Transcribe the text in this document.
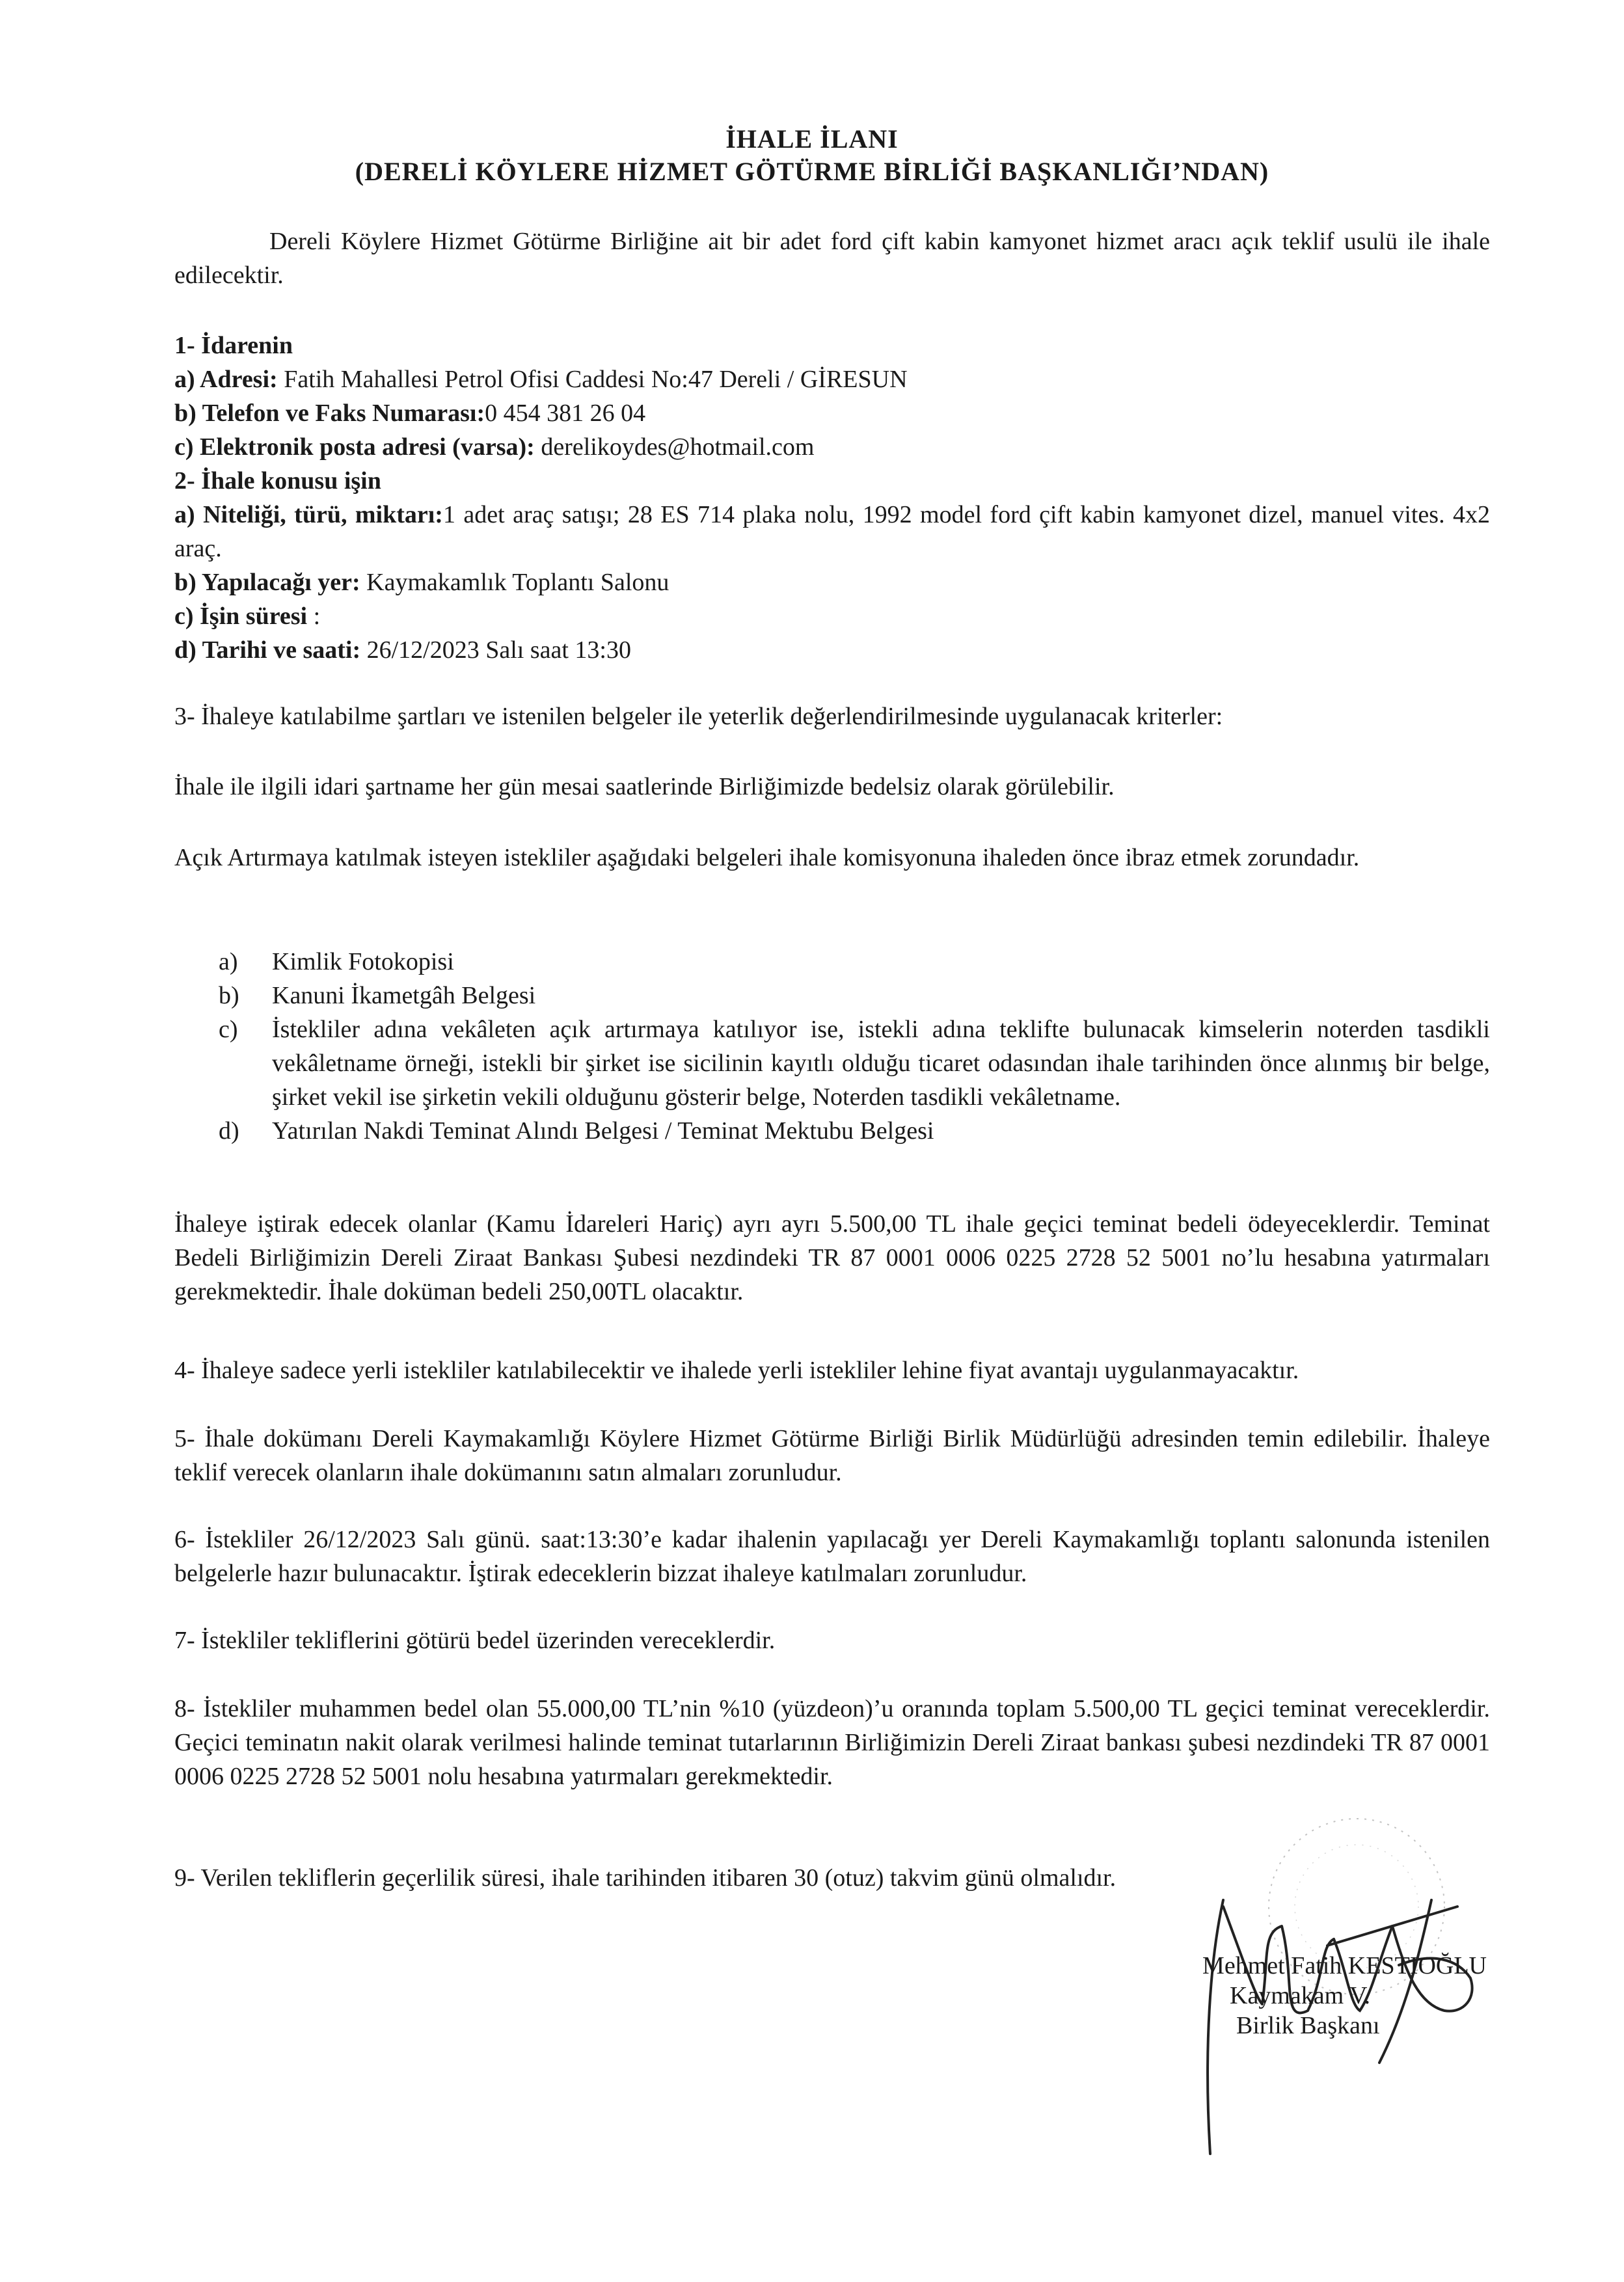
İHALE İLANI
(DERELİ KÖYLERE HİZMET GÖTÜRME BİRLİĞİ BAŞKANLIĞI’NDAN)

Dereli Köylere Hizmet Götürme Birliğine ait bir adet ford çift kabin kamyonet hizmet aracı açık teklif usulü ile ihale edilecektir.

1- İdarenin

a) Adresi: Fatih Mahallesi Petrol Ofisi Caddesi No:47 Dereli / GİRESUN

b) Telefon ve Faks Numarası:0 454 381 26 04

c) Elektronik posta adresi (varsa): derelikoydes@hotmail.com

2- İhale konusu işin

a) Niteliği, türü, miktarı:1 adet araç satışı; 28 ES 714 plaka nolu, 1992 model ford çift kabin kamyonet dizel, manuel vites. 4x2 araç.

b) Yapılacağı yer: Kaymakamlık Toplantı Salonu

c) İşin süresi :

d) Tarihi ve saati: 26/12/2023 Salı saat 13:30

3- İhaleye katılabilme şartları ve istenilen belgeler ile yeterlik değerlendirilmesinde uygulanacak kriterler:

İhale ile ilgili idari şartname her gün mesai saatlerinde Birliğimizde bedelsiz olarak görülebilir.

Açık Artırmaya katılmak isteyen istekliler aşağıdaki belgeleri ihale komisyonuna ihaleden önce ibraz etmek zorundadır.

a) Kimlik Fotokopisi
b) Kanuni İkametgâh Belgesi
c) İstekliler adına vekâleten açık artırmaya katılıyor ise, istekli adına teklifte bulunacak kimselerin noterden tasdikli vekâletname örneği, istekli bir şirket ise sicilinin kayıtlı olduğu ticaret odasından ihale tarihinden önce alınmış bir belge, şirket vekil ise şirketin vekili olduğunu gösterir belge, Noterden tasdikli vekâletname.
d) Yatırılan Nakdi Teminat Alındı Belgesi / Teminat Mektubu Belgesi

İhaleye iştirak edecek olanlar (Kamu İdareleri Hariç) ayrı ayrı 5.500,00 TL ihale geçici teminat bedeli ödeyeceklerdir. Teminat Bedeli Birliğimizin Dereli Ziraat Bankası Şubesi nezdindeki TR 87 0001 0006 0225 2728 52 5001 no’lu hesabına yatırmaları gerekmektedir. İhale doküman bedeli 250,00TL olacaktır.

4- İhaleye sadece yerli istekliler katılabilecektir ve ihalede yerli istekliler lehine fiyat avantajı uygulanmayacaktır.

5- İhale dokümanı Dereli Kaymakamlığı Köylere Hizmet Götürme Birliği Birlik Müdürlüğü adresinden temin edilebilir. İhaleye teklif verecek olanların ihale dokümanını satın almaları zorunludur.

6- İstekliler 26/12/2023 Salı günü. saat:13:30’e kadar ihalenin yapılacağı yer Dereli Kaymakamlığı toplantı salonunda istenilen belgelerle hazır bulunacaktır. İştirak edeceklerin bizzat ihaleye katılmaları zorunludur.

7- İstekliler tekliflerini götürü bedel üzerinden vereceklerdir.

8- İstekliler muhammen bedel olan 55.000,00 TL’nin %10 (yüzdeon)’u oranında toplam 5.500,00 TL geçici teminat vereceklerdir. Geçici teminatın nakit olarak verilmesi halinde teminat tutarlarının Birliğimizin Dereli Ziraat bankası şubesi nezdindeki TR 87 0001 0006 0225 2728 52 5001 nolu hesabına yatırmaları gerekmektedir.

9- Verilen tekliflerin geçerlilik süresi, ihale tarihinden itibaren 30 (otuz) takvim günü olmalıdır.

Mehmet Fatih KESTIOĞLU
Kaymakam V.
Birlik Başkanı
